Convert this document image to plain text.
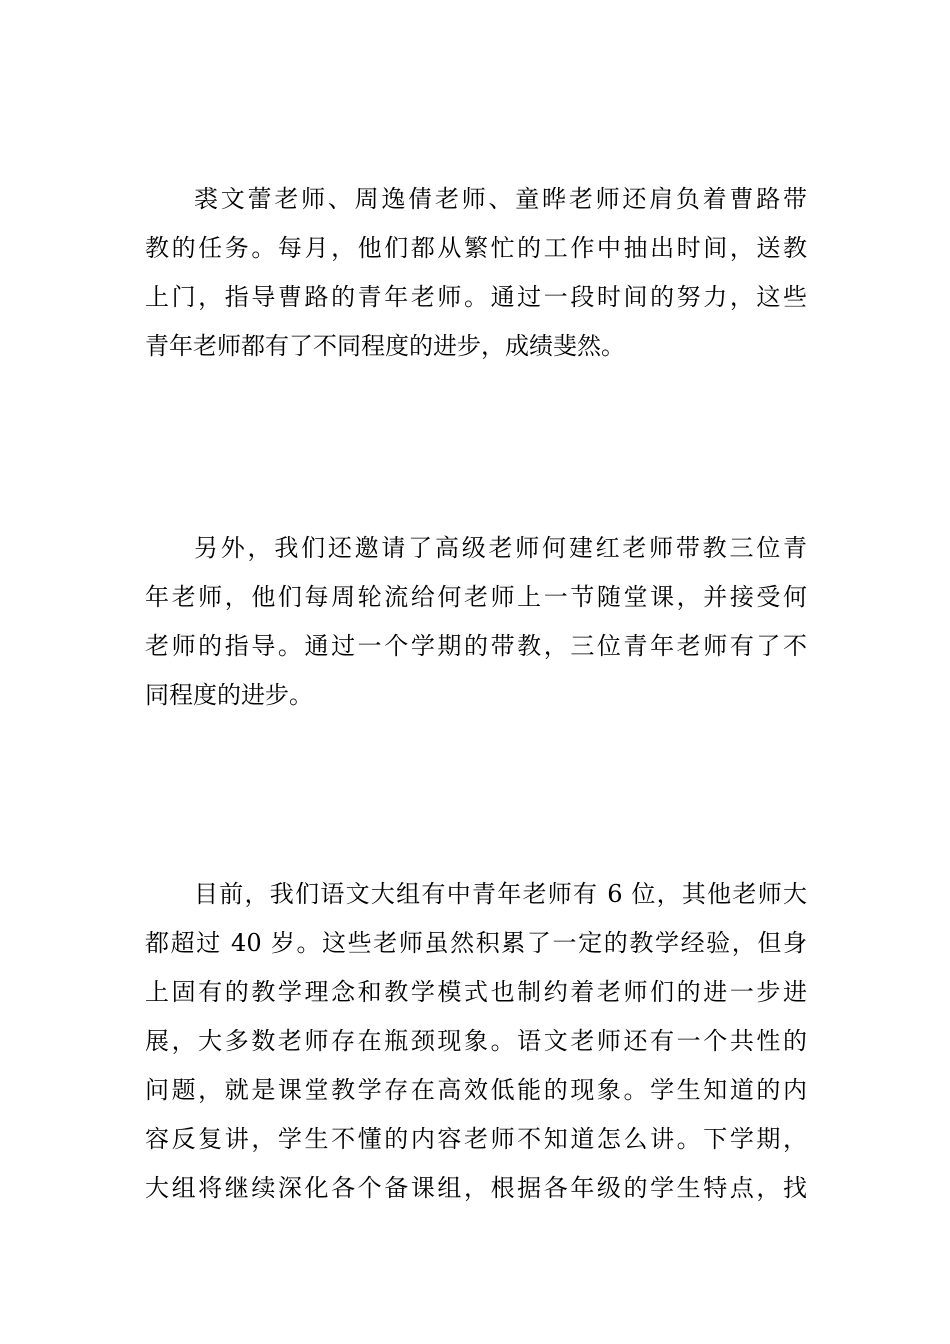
裘文蕾老师、周逸倩老师、童晔老师还肩负着曹路带
教的任务。每月，他们都从繁忙的工作中抽出时间，送教
上门，指导曹路的青年老师。通过一段时间的努力，这些
青年老师都有了不同程度的进步，成绩斐然。
另外，我们还邀请了高级老师何建红老师带教三位青
年老师，他们每周轮流给何老师上一节随堂课，并接受何
老师的指导。通过一个学期的带教，三位青年老师有了不
同程度的进步。
目前，我们语文大组有中青年老师有 6 位，其他老师大
都超过 40 岁。这些老师虽然积累了一定的教学经验，但身
上固有的教学理念和教学模式也制约着老师们的进一步进
展，大多数老师存在瓶颈现象。语文老师还有一个共性的
问题，就是课堂教学存在高效低能的现象。学生知道的内
容反复讲，学生不懂的内容老师不知道怎么讲。下学期，
大组将继续深化各个备课组，根据各年级的学生特点，找
